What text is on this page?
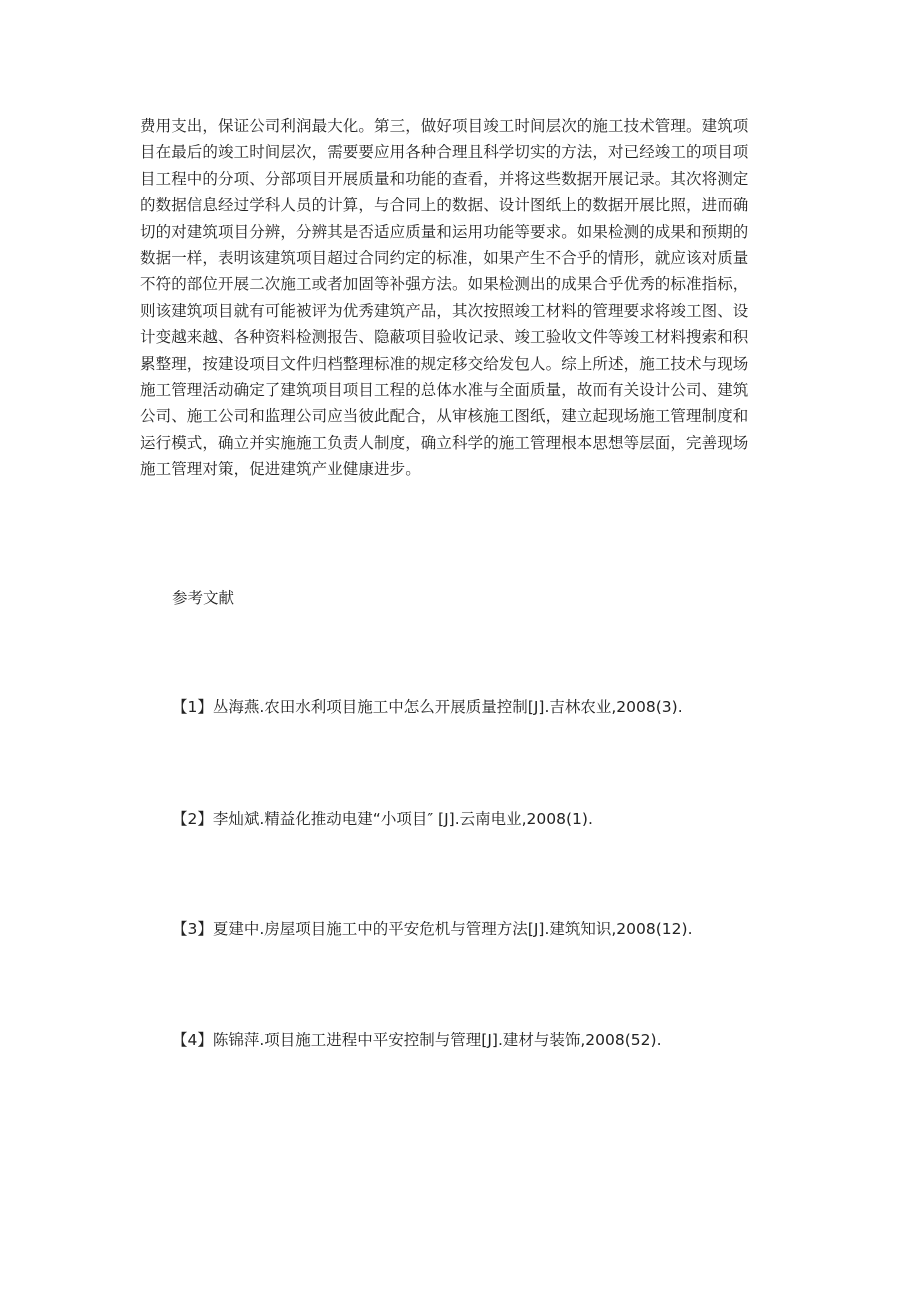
费用支出，保证公司利润最大化。第三，做好项目竣工时间层次的施工技术管理。建筑项
目在最后的竣工时间层次，需要要应用各种合理且科学切实的方法，对已经竣工的项目项
目工程中的分项、分部项目开展质量和功能的查看，并将这些数据开展记录。其次将测定
的数据信息经过学科人员的计算，与合同上的数据、设计图纸上的数据开展比照，进而确
切的对建筑项目分辨，分辨其是否适应质量和运用功能等要求。如果检测的成果和预期的
数据一样，表明该建筑项目超过合同约定的标准，如果产生不合乎的情形，就应该对质量
不符的部位开展二次施工或者加固等补强方法。如果检测出的成果合乎优秀的标准指标，
则该建筑项目就有可能被评为优秀建筑产品，其次按照竣工材料的管理要求将竣工图、设
计变越来越、各种资料检测报告、隐蔽项目验收记录、竣工验收文件等竣工材料搜索和积
累整理，按建设项目文件归档整理标准的规定移交给发包人。综上所述，施工技术与现场
施工管理活动确定了建筑项目项目工程的总体水准与全面质量，故而有关设计公司、建筑
公司、施工公司和监理公司应当彼此配合，从审核施工图纸，建立起现场施工管理制度和
运行模式，确立并实施施工负责人制度，确立科学的施工管理根本思想等层面，完善现场
施工管理对策，促进建筑产业健康进步。
参考文献
【1】丛海燕.农田水利项目施工中怎么开展质量控制[J].吉林农业,2008(3).
【2】李灿斌.精益化推动电建“小项目″ [J].云南电业,2008(1).
【3】夏建中.房屋项目施工中的平安危机与管理方法[J].建筑知识,2008(12).
【4】陈锦萍.项目施工进程中平安控制与管理[J].建材与装饰,2008(52).
